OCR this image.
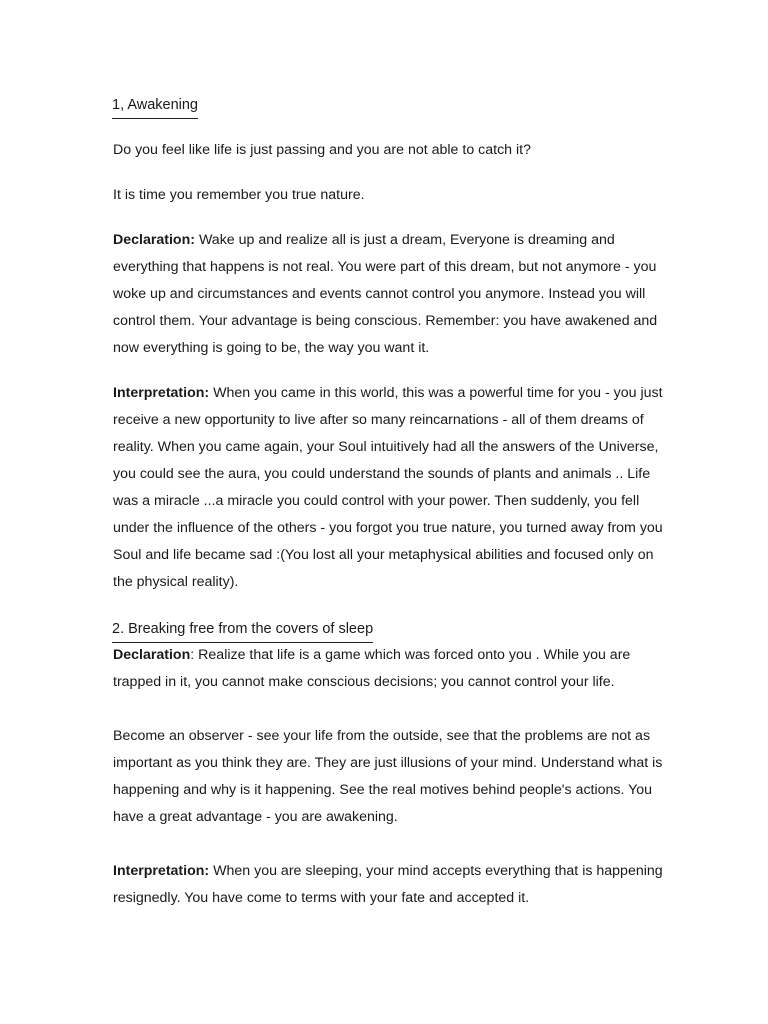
1, Awakening

Do you feel like life is just passing and you are not able to catch it?

It is time you remember you true nature.

Declaration: Wake up and realize all is just a dream, Everyone is dreaming and everything that happens is not real. You were part of this dream, but not anymore - you woke up and circumstances and events cannot control you anymore. Instead you will control them. Your advantage is being conscious. Remember: you have awakened and now everything is going to be, the way you want it.

Interpretation: When you came in this world, this was a powerful time for you - you just receive a new opportunity to live after so many reincarnations - all of them dreams of reality. When you came again, your Soul intuitively had all the answers of the Universe, you could see the aura, you could understand the sounds of plants and animals .. Life was a miracle ...a miracle you could control with your power. Then suddenly, you fell under the influence of the others - you forgot you true nature, you turned away from you Soul and life became sad :(You lost all your metaphysical abilities and focused only on the physical reality).

2. Breaking free from the covers of sleep

Declaration: Realize that life is a game which was forced onto you . While you are trapped in it, you cannot make conscious decisions; you cannot control your life.

Become an observer - see your life from the outside, see that the problems are not as important as you think they are. They are just illusions of your mind. Understand what is happening and why is it happening. See the real motives behind people's actions. You have a great advantage - you are awakening.

Interpretation: When you are sleeping, your mind accepts everything that is happening resignedly. You have come to terms with your fate and accepted it.
